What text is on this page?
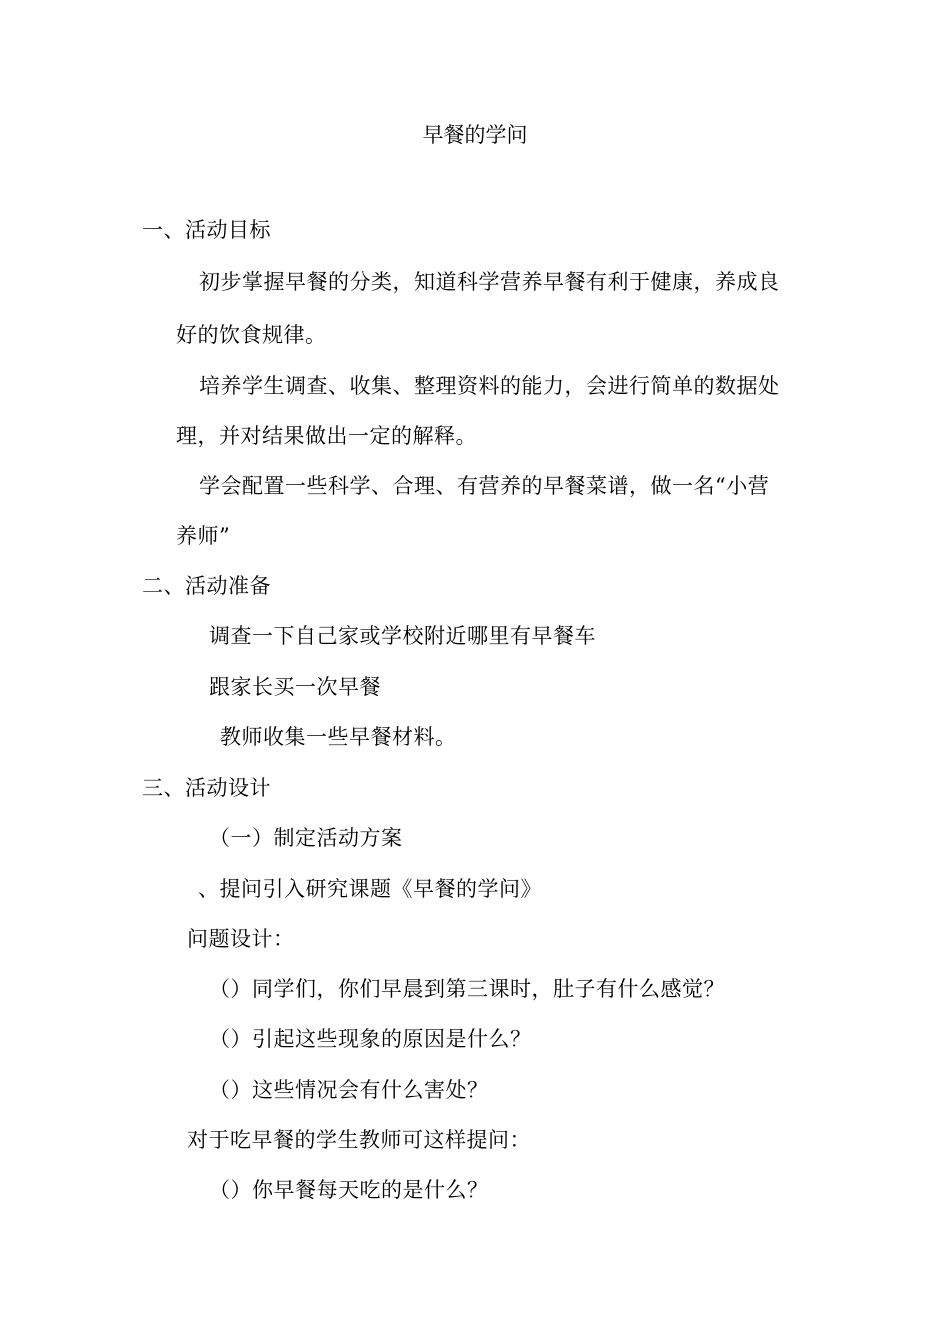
早餐的学问
一、活动目标
初步掌握早餐的分类，知道科学营养早餐有利于健康，养成良
好的饮食规律。
培养学生调查、收集、整理资料的能力，会进行简单的数据处
理，并对结果做出一定的解释。
学会配置一些科学、合理、有营养的早餐菜谱，做一名“小营
养师”
二、活动准备
调查一下自己家或学校附近哪里有早餐车
跟家长买一次早餐
教师收集一些早餐材料。
三、活动设计
（一）制定活动方案
、提问引入研究课题《早餐的学问》
问题设计：
（）同学们，你们早晨到第三课时，肚子有什么感觉？
（）引起这些现象的原因是什么？
（）这些情况会有什么害处？
对于吃早餐的学生教师可这样提问：
（）你早餐每天吃的是什么？
